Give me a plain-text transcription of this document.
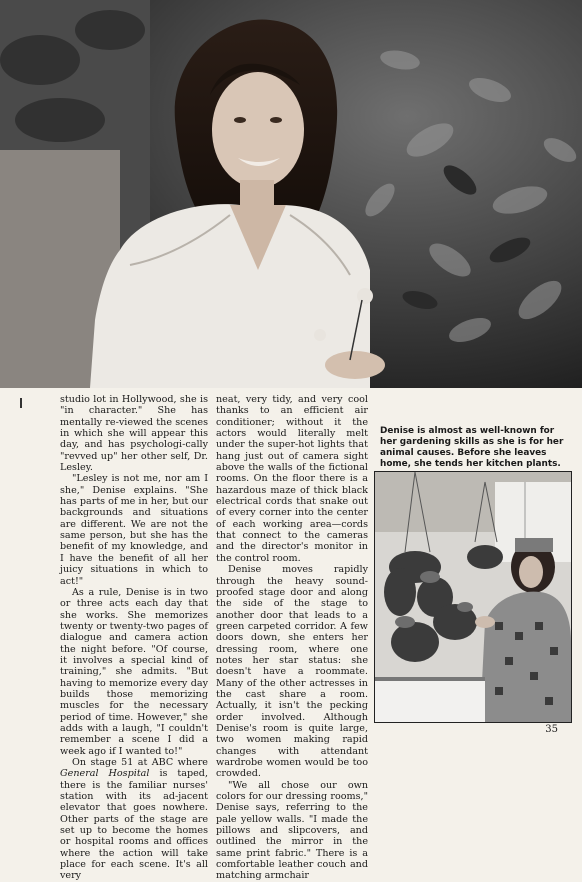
studio lot in Hollywood, she is "in character." She has mentally re-viewed the scenes in which she will appear this day, and has psychologi-cally "revved up" her other self, Dr. Lesley.

"Lesley is not me, nor am I she," Denise explains. "She has parts of me in her, but our backgrounds and situations are different. We are not the same person, but she has the benefit of my knowledge, and I have the benefit of all her juicy situations in which to act!"

As a rule, Denise is in two or three acts each day that she works. She memorizes twenty or twenty-two pages of dialogue and camera action the night before. "Of course, it involves a special kind of training," she admits. "But having to memorize every day builds those memorizing muscles for the necessary period of time. However," she adds with a laugh, "I couldn't remember a scene I did a week ago if I wanted to!"

On stage 51 at ABC where General Hospital is taped, there is the familiar nurses' station with its ad-jacent elevator that goes nowhere. Other parts of the stage are set up to become the homes or hospital rooms and offices where the action will take place for each scene. It's all very

neat, very tidy, and very cool thanks to an efficient air conditioner; without it the actors would literally melt under the super-hot lights that hang just out of camera sight above the walls of the fictional rooms. On the floor there is a hazardous maze of thick black electrical cords that snake out of every corner into the center of each working area—cords that connect to the cameras and the director's monitor in the control room.

Denise moves rapidly through the heavy sound-proofed stage door and along the side of the stage to another door that leads to a green carpeted corridor. A few doors down, she enters her dressing room, where one notes her star status: she doesn't have a roommate. Many of the other actresses in the cast share a room. Actually, it isn't the pecking order involved. Although Denise's room is quite large, two women making rapid changes with attendant wardrobe women would be too crowded.

"We all chose our own colors for our dressing rooms," Denise says, referring to the pale yellow walls. "I made the pillows and slipcovers, and outlined the mirror in the same print fabric." There is a comfortable leather couch and matching armchair

Denise is almost as well-known for her gardening skills as she is for her animal causes. Before she leaves home, she tends her kitchen plants.
35
